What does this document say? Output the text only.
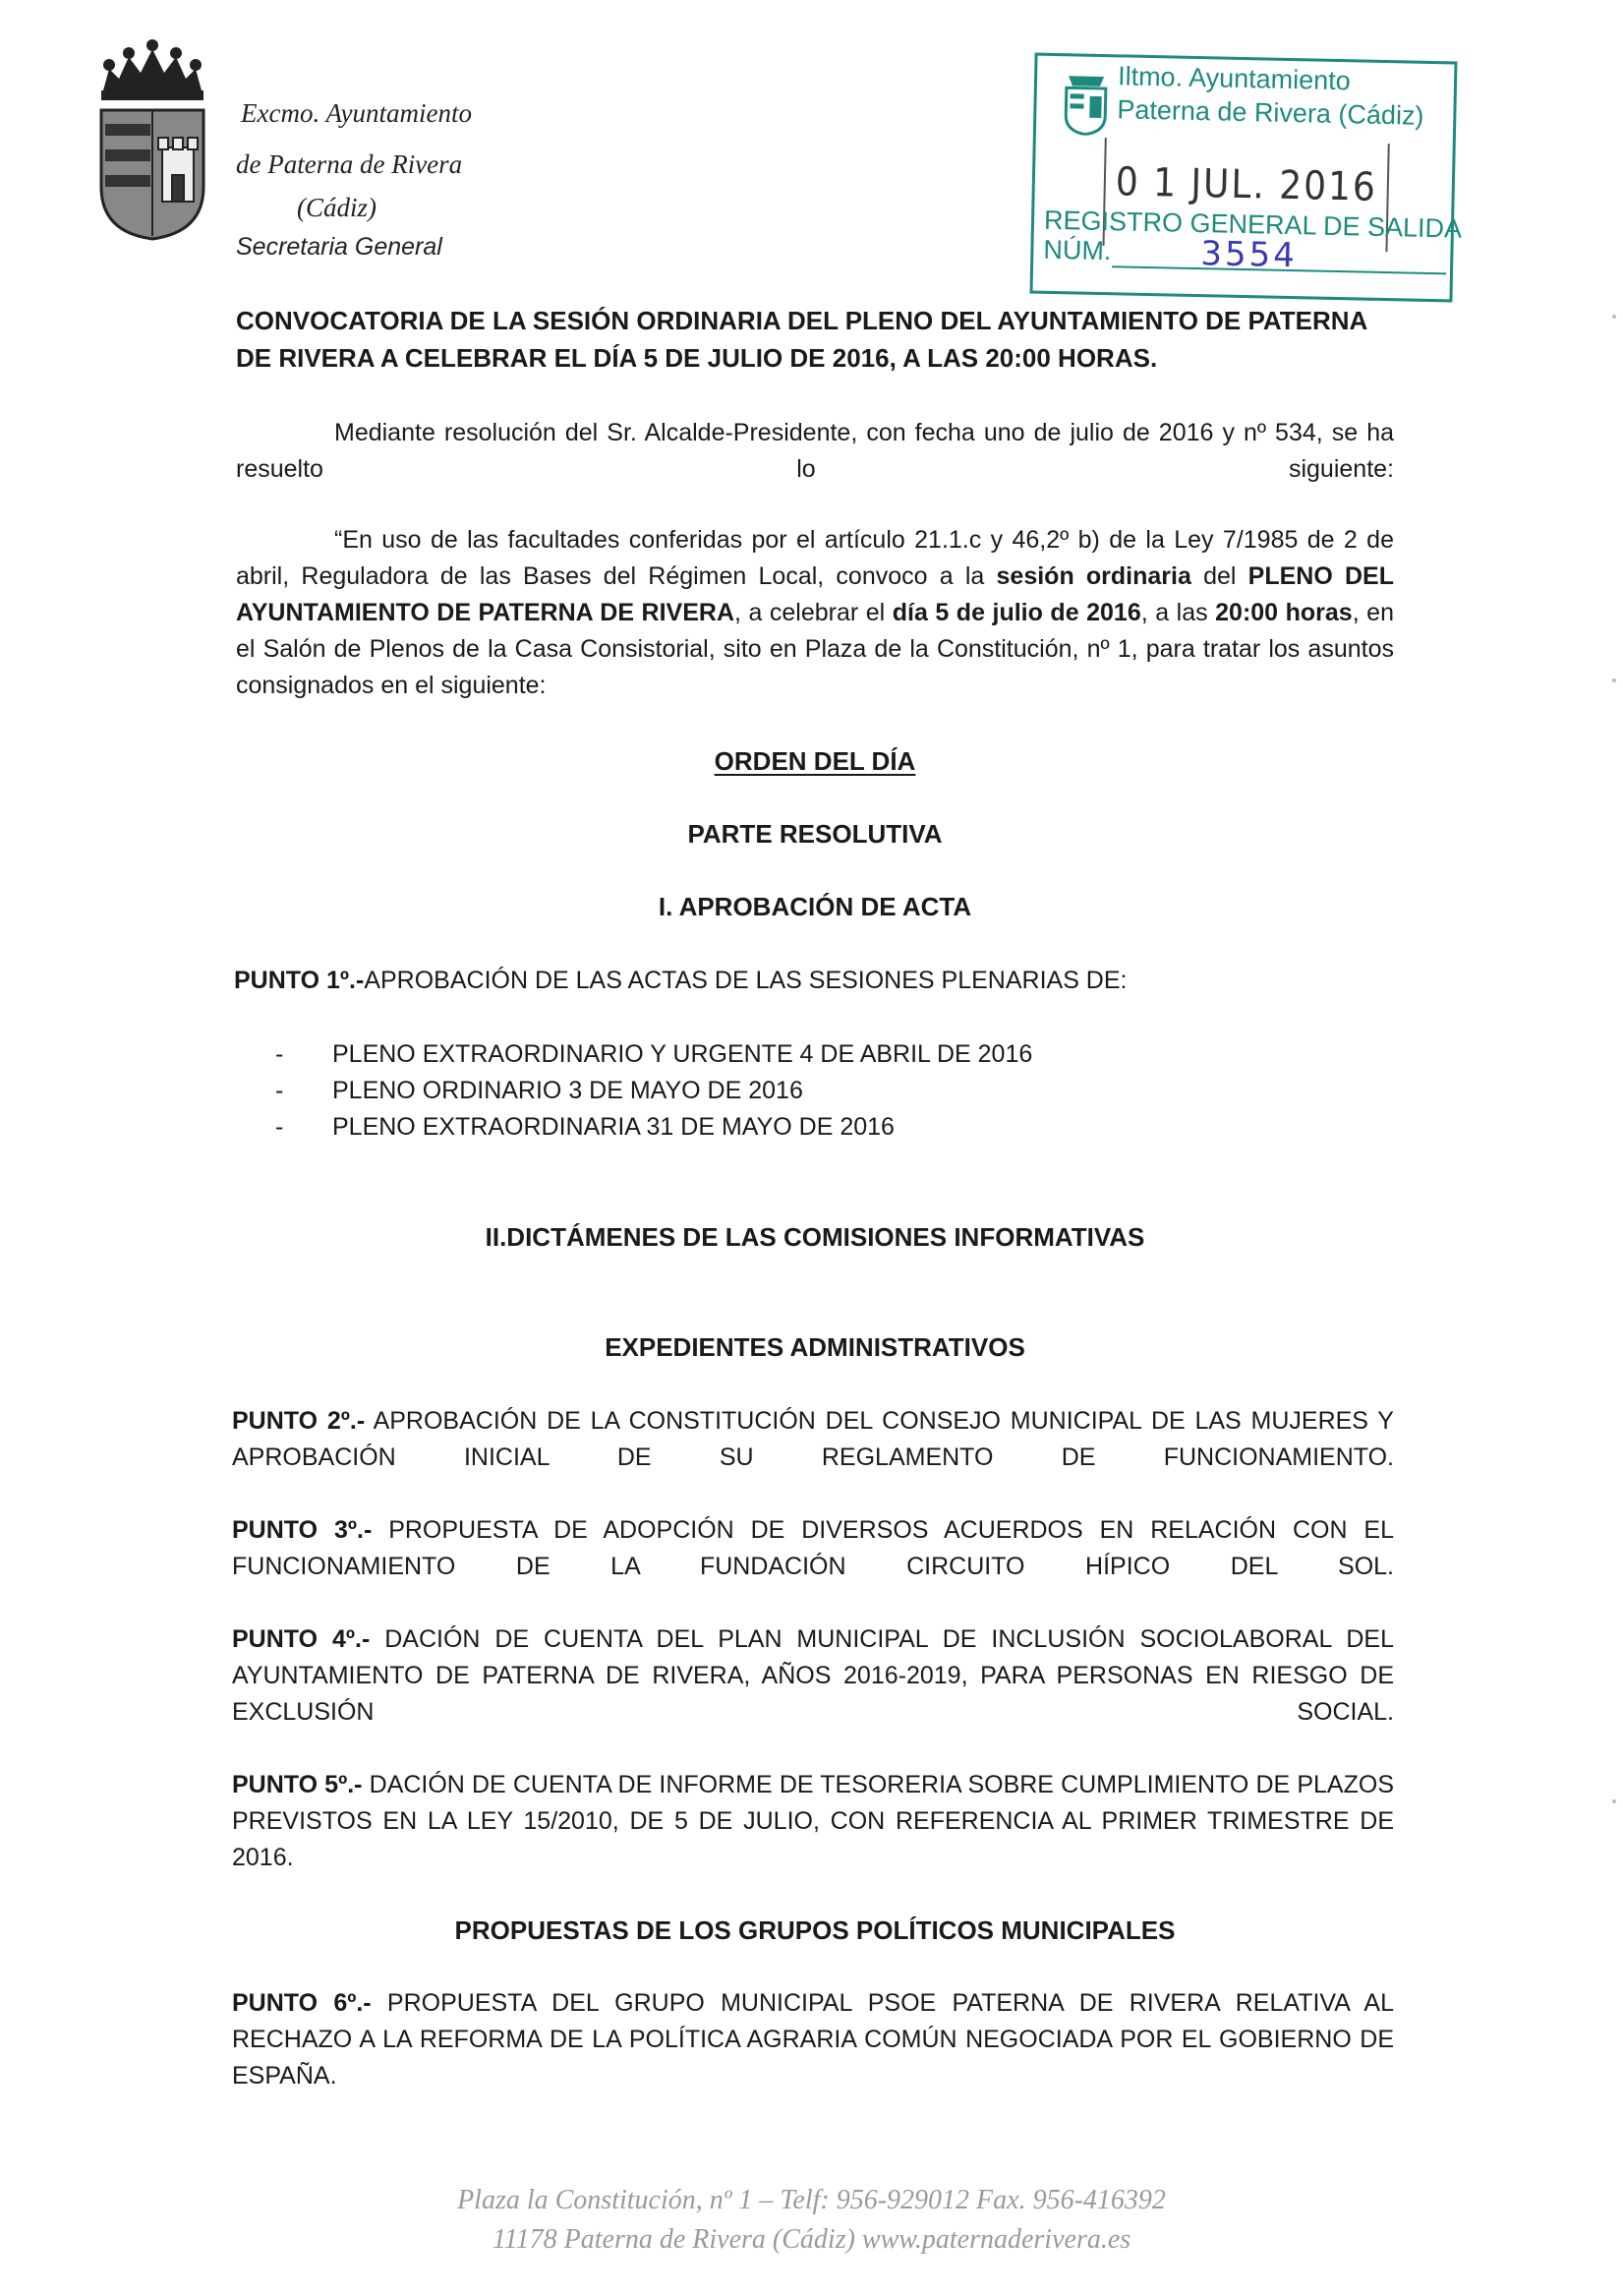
Excmo. Ayuntamiento
de Paterna de Rivera
(Cádiz)
Secretaria General
Iltmo. Ayuntamiento
Paterna de Rivera (Cádiz)
0 1 JUL. 2016
REGISTRO GENERAL DE SALIDA
NÚM.	3554
CONVOCATORIA DE LA SESIÓN ORDINARIA DEL PLENO DEL AYUNTAMIENTO DE PATERNA DE RIVERA A CELEBRAR EL DÍA 5 DE JULIO DE 2016, A LAS 20:00 HORAS.
Mediante resolución del Sr. Alcalde-Presidente, con fecha uno de julio de 2016 y nº 534, se ha resuelto lo siguiente:
“En uso de las facultades conferidas por el artículo 21.1.c y 46,2º b) de la Ley 7/1985 de 2 de abril, Reguladora de las Bases del Régimen Local, convoco a la sesión ordinaria del PLENO DEL AYUNTAMIENTO DE PATERNA DE RIVERA, a celebrar el día 5 de julio de 2016, a las 20:00 horas, en el Salón de Plenos de la Casa Consistorial, sito en Plaza de la Constitución, nº 1, para tratar los asuntos consignados en el siguiente:
ORDEN DEL DÍA
PARTE RESOLUTIVA
I. APROBACIÓN DE ACTA
PUNTO 1º.-APROBACIÓN DE LAS ACTAS DE LAS SESIONES PLENARIAS DE:
- PLENO EXTRAORDINARIO Y URGENTE 4 DE ABRIL DE 2016
- PLENO ORDINARIO 3 DE MAYO DE 2016
- PLENO EXTRAORDINARIA 31 DE MAYO DE 2016
II.DICTÁMENES DE LAS COMISIONES INFORMATIVAS
EXPEDIENTES ADMINISTRATIVOS
PUNTO 2º.- APROBACIÓN DE LA CONSTITUCIÓN DEL CONSEJO MUNICIPAL DE LAS MUJERES Y APROBACIÓN INICIAL DE SU REGLAMENTO DE FUNCIONAMIENTO.
PUNTO 3º.- PROPUESTA DE ADOPCIÓN DE DIVERSOS ACUERDOS EN RELACIÓN CON EL FUNCIONAMIENTO DE LA FUNDACIÓN CIRCUITO HÍPICO DEL SOL.
PUNTO 4º.- DACIÓN DE CUENTA DEL PLAN MUNICIPAL DE INCLUSIÓN SOCIOLABORAL DEL AYUNTAMIENTO DE PATERNA DE RIVERA, AÑOS 2016-2019, PARA PERSONAS EN RIESGO DE EXCLUSIÓN SOCIAL.
PUNTO 5º.- DACIÓN DE CUENTA DE INFORME DE TESORERIA SOBRE CUMPLIMIENTO DE PLAZOS PREVISTOS EN LA LEY 15/2010, DE 5 DE JULIO, CON REFERENCIA AL PRIMER TRIMESTRE DE 2016.
PROPUESTAS DE LOS GRUPOS POLÍTICOS MUNICIPALES
PUNTO 6º.- PROPUESTA DEL GRUPO MUNICIPAL PSOE PATERNA DE RIVERA RELATIVA AL RECHAZO A LA REFORMA DE LA POLÍTICA AGRARIA COMÚN NEGOCIADA POR EL GOBIERNO DE ESPAÑA.
Plaza la Constitución, nº 1 – Telf: 956-929012 Fax. 956-416392
11178 Paterna de Rivera (Cádiz) www.paternaderivera.es
